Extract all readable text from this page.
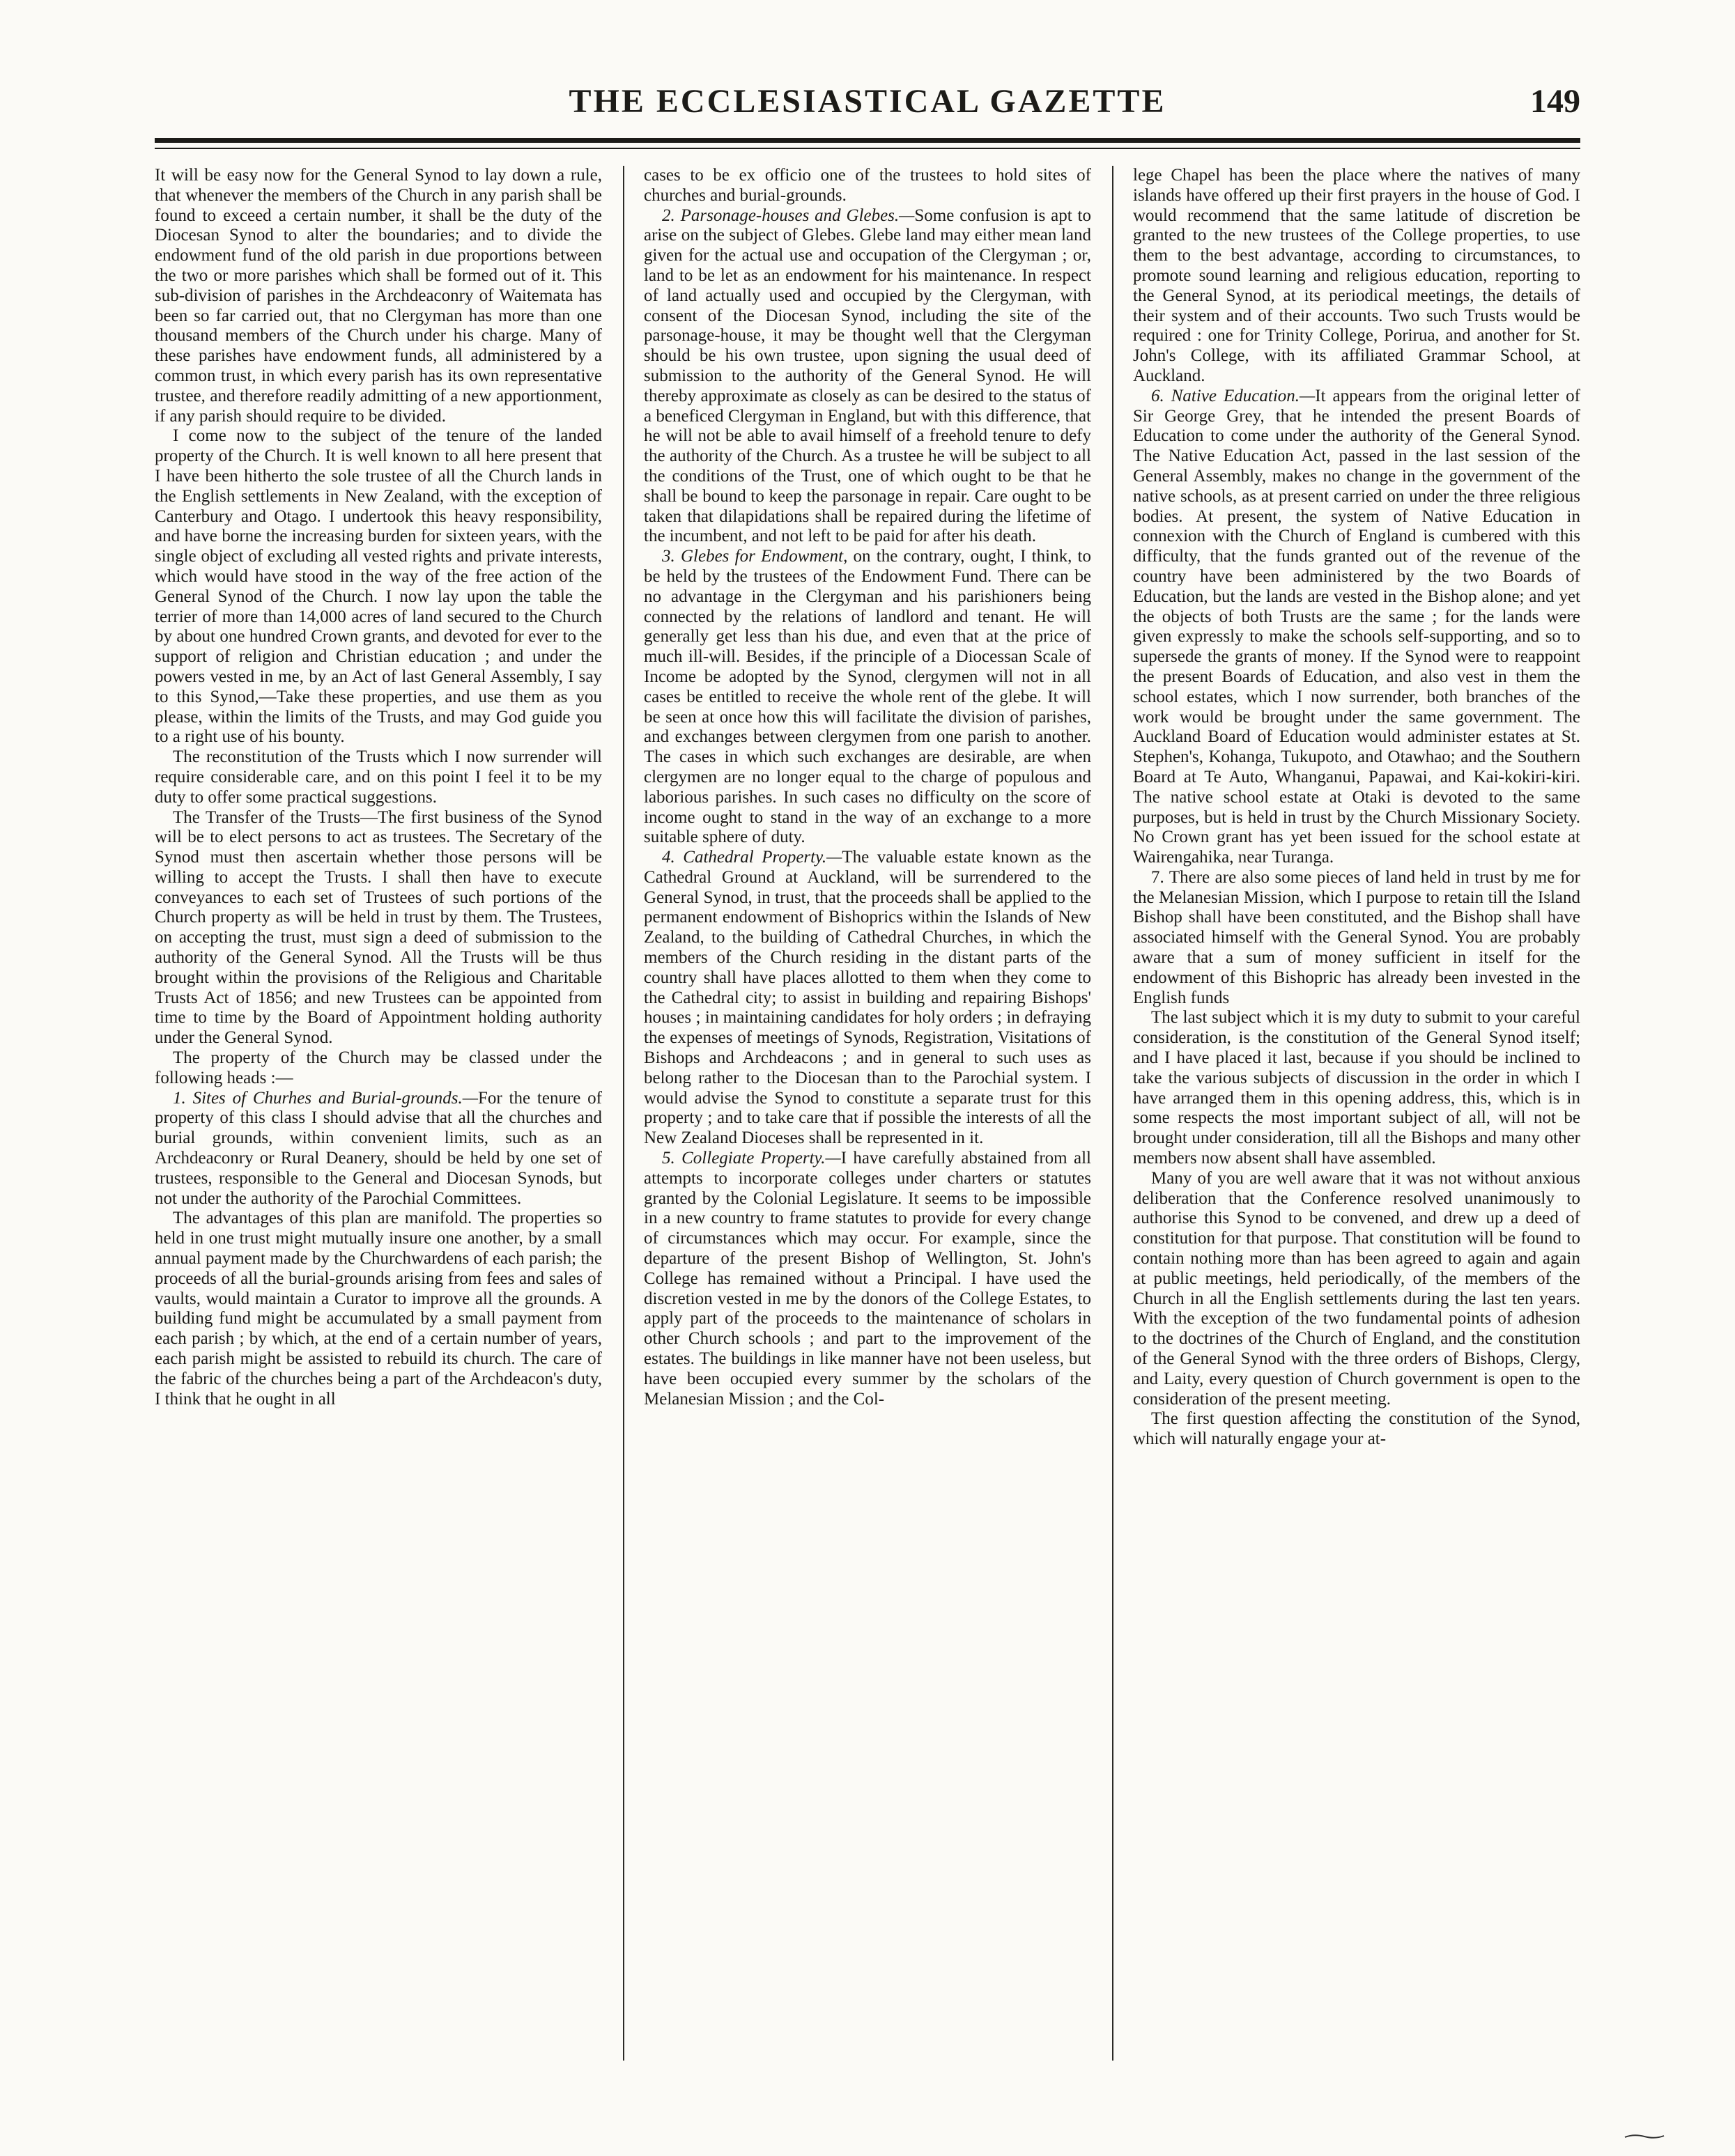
THE ECCLESIASTICAL GAZETTE	149

It will be easy now for the General Synod to lay down a rule, that whenever the members of the Church in any parish shall be found to exceed a certain number, it shall be the duty of the Diocesan Synod to alter the boundaries; and to divide the endowment fund of the old parish in due proportions between the two or more parishes which shall be formed out of it. This sub-division of parishes in the Archdeaconry of Waitemata has been so far carried out, that no Clergyman has more than one thousand members of the Church under his charge. Many of these parishes have endowment funds, all administered by a common trust, in which every parish has its own representative trustee, and therefore readily admitting of a new apportionment, if any parish should require to be divided.

I come now to the subject of the tenure of the landed property of the Church. It is well known to all here present that I have been hitherto the sole trustee of all the Church lands in the English settlements in New Zealand, with the exception of Canterbury and Otago. I undertook this heavy responsibility, and have borne the increasing burden for sixteen years, with the single object of excluding all vested rights and private interests, which would have stood in the way of the free action of the General Synod of the Church. I now lay upon the table the terrier of more than 14,000 acres of land secured to the Church by about one hundred Crown grants, and devoted for ever to the support of religion and Christian education ; and under the powers vested in me, by an Act of last General Assembly, I say to this Synod,—Take these properties, and use them as you please, within the limits of the Trusts, and may God guide you to a right use of his bounty.

The reconstitution of the Trusts which I now surrender will require considerable care, and on this point I feel it to be my duty to offer some practical suggestions.

The Transfer of the Trusts—The first business of the Synod will be to elect persons to act as trustees. The Secretary of the Synod must then ascertain whether those persons will be willing to accept the Trusts. I shall then have to execute conveyances to each set of Trustees of such portions of the Church property as will be held in trust by them. The Trustees, on accepting the trust, must sign a deed of submission to the authority of the General Synod. All the Trusts will be thus brought within the provisions of the Religious and Charitable Trusts Act of 1856; and new Trustees can be appointed from time to time by the Board of Appointment holding authority under the General Synod.

The property of the Church may be classed under the following heads :—

1. Sites of Churhes and Burial-grounds.—For the tenure of property of this class I should advise that all the churches and burial grounds, within convenient limits, such as an Archdeaconry or Rural Deanery, should be held by one set of trustees, responsible to the General and Diocesan Synods, but not under the authority of the Parochial Committees.

The advantages of this plan are manifold. The properties so held in one trust might mutually insure one another, by a small annual payment made by the Churchwardens of each parish; the proceeds of all the burial-grounds arising from fees and sales of vaults, would maintain a Curator to improve all the grounds. A building fund might be accumulated by a small payment from each parish ; by which, at the end of a certain number of years, each parish might be assisted to rebuild its church. The care of the fabric of the churches being a part of the Archdeacon's duty, I think that he ought in all

cases to be ex officio one of the trustees to hold sites of churches and burial-grounds.

2. Parsonage-houses and Glebes.—Some confusion is apt to arise on the subject of Glebes. Glebe land may either mean land given for the actual use and occupation of the Clergyman ; or, land to be let as an endowment for his maintenance. In respect of land actually used and occupied by the Clergyman, with consent of the Diocesan Synod, including the site of the parsonage-house, it may be thought well that the Clergyman should be his own trustee, upon signing the usual deed of submission to the authority of the General Synod. He will thereby approximate as closely as can be desired to the status of a beneficed Clergyman in England, but with this difference, that he will not be able to avail himself of a freehold tenure to defy the authority of the Church. As a trustee he will be subject to all the conditions of the Trust, one of which ought to be that he shall be bound to keep the parsonage in repair. Care ought to be taken that dilapidations shall be repaired during the lifetime of the incumbent, and not left to be paid for after his death.

3. Glebes for Endowment, on the contrary, ought, I think, to be held by the trustees of the Endowment Fund. There can be no advantage in the Clergyman and his parishioners being connected by the relations of landlord and tenant. He will generally get less than his due, and even that at the price of much ill-will. Besides, if the principle of a Diocessan Scale of Income be adopted by the Synod, clergymen will not in all cases be entitled to receive the whole rent of the glebe. It will be seen at once how this will facilitate the division of parishes, and exchanges between clergymen from one parish to another. The cases in which such exchanges are desirable, are when clergymen are no longer equal to the charge of populous and laborious parishes. In such cases no difficulty on the score of income ought to stand in the way of an exchange to a more suitable sphere of duty.

4. Cathedral Property.—The valuable estate known as the Cathedral Ground at Auckland, will be surrendered to the General Synod, in trust, that the proceeds shall be applied to the permanent endowment of Bishoprics within the Islands of New Zealand, to the building of Cathedral Churches, in which the members of the Church residing in the distant parts of the country shall have places allotted to them when they come to the Cathedral city; to assist in building and repairing Bishops' houses ; in maintaining candidates for holy orders ; in defraying the expenses of meetings of Synods, Registration, Visitations of Bishops and Archdeacons ; and in general to such uses as belong rather to the Diocesan than to the Parochial system. I would advise the Synod to constitute a separate trust for this property ; and to take care that if possible the interests of all the New Zealand Dioceses shall be represented in it.

5. Collegiate Property.—I have carefully abstained from all attempts to incorporate colleges under charters or statutes granted by the Colonial Legislature. It seems to be impossible in a new country to frame statutes to provide for every change of circumstances which may occur. For example, since the departure of the present Bishop of Wellington, St. John's College has remained without a Principal. I have used the discretion vested in me by the donors of the College Estates, to apply part of the proceeds to the maintenance of scholars in other Church schools ; and part to the improvement of the estates. The buildings in like manner have not been useless, but have been occupied every summer by the scholars of the Melanesian Mission ; and the Col-

lege Chapel has been the place where the natives of many islands have offered up their first prayers in the house of God. I would recommend that the same latitude of discretion be granted to the new trustees of the College properties, to use them to the best advantage, according to circumstances, to promote sound learning and religious education, reporting to the General Synod, at its periodical meetings, the details of their system and of their accounts. Two such Trusts would be required : one for Trinity College, Porirua, and another for St. John's College, with its affiliated Grammar School, at Auckland.

6. Native Education.—It appears from the original letter of Sir George Grey, that he intended the present Boards of Education to come under the authority of the General Synod. The Native Education Act, passed in the last session of the General Assembly, makes no change in the government of the native schools, as at present carried on under the three religious bodies. At present, the system of Native Education in connexion with the Church of England is cumbered with this difficulty, that the funds granted out of the revenue of the country have been administered by the two Boards of Education, but the lands are vested in the Bishop alone; and yet the objects of both Trusts are the same ; for the lands were given expressly to make the schools self-supporting, and so to supersede the grants of money. If the Synod were to reappoint the present Boards of Education, and also vest in them the school estates, which I now surrender, both branches of the work would be brought under the same government. The Auckland Board of Education would administer estates at St. Stephen's, Kohanga, Tukupoto, and Otawhao; and the Southern Board at Te Auto, Whanganui, Papawai, and Kai-kokiri-kiri. The native school estate at Otaki is devoted to the same purposes, but is held in trust by the Church Missionary Society. No Crown grant has yet been issued for the school estate at Wairengahika, near Turanga.

7. There are also some pieces of land held in trust by me for the Melanesian Mission, which I purpose to retain till the Island Bishop shall have been constituted, and the Bishop shall have associated himself with the General Synod. You are probably aware that a sum of money sufficient in itself for the endowment of this Bishopric has already been invested in the English funds

The last subject which it is my duty to submit to your careful consideration, is the constitution of the General Synod itself; and I have placed it last, because if you should be inclined to take the various subjects of discussion in the order in which I have arranged them in this opening address, this, which is in some respects the most important subject of all, will not be brought under consideration, till all the Bishops and many other members now absent shall have assembled.

Many of you are well aware that it was not without anxious deliberation that the Conference resolved unanimously to authorise this Synod to be convened, and drew up a deed of constitution for that purpose. That constitution will be found to contain nothing more than has been agreed to again and again at public meetings, held periodically, of the members of the Church in all the English settlements during the last ten years. With the exception of the two fundamental points of adhesion to the doctrines of the Church of England, and the constitution of the General Synod with the three orders of Bishops, Clergy, and Laity, every question of Church government is open to the consideration of the present meeting.

The first question affecting the constitution of the Synod, which will naturally engage your at-
